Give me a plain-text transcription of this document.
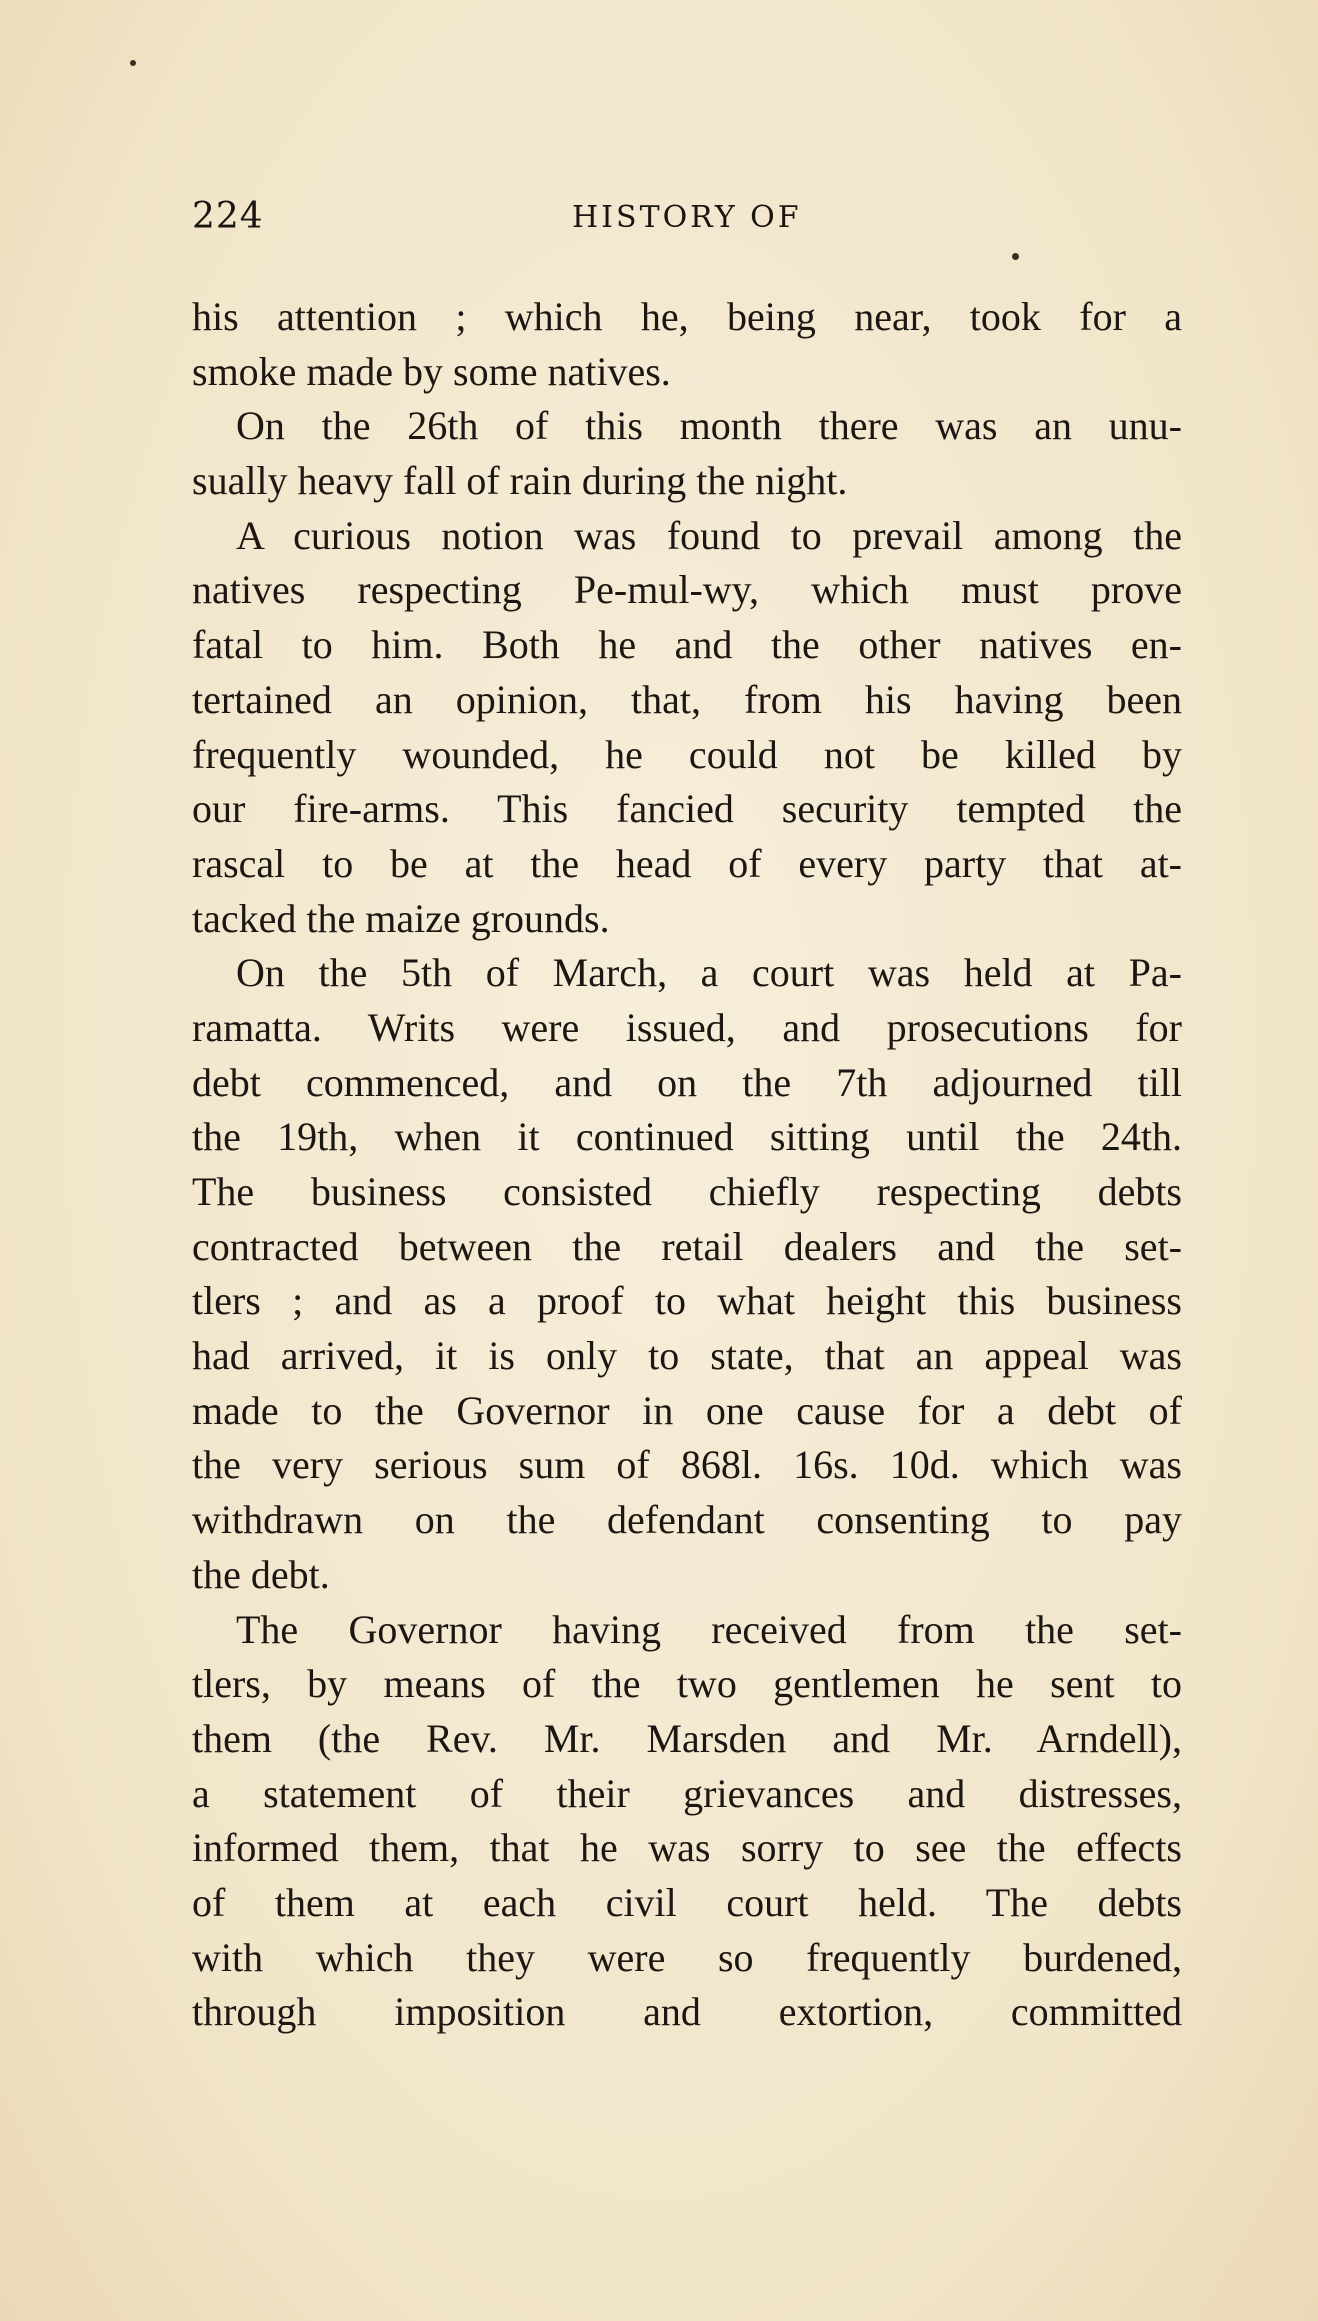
224	HISTORY OF
his attention ; which he, being near, took for a
smoke made by some natives.
On the 26th of this month there was an unu-
sually heavy fall of rain during the night.
A curious notion was found to prevail among the
natives respecting Pe-mul-wy, which must prove
fatal to him. Both he and the other natives en-
tertained an opinion, that, from his having been
frequently wounded, he could not be killed by
our fire-arms. This fancied security tempted the
rascal to be at the head of every party that at-
tacked the maize grounds.
On the 5th of March, a court was held at Pa-
ramatta. Writs were issued, and prosecutions for
debt commenced, and on the 7th adjourned till
the 19th, when it continued sitting until the 24th.
The business consisted chiefly respecting debts
contracted between the retail dealers and the set-
tlers ; and as a proof to what height this business
had arrived, it is only to state, that an appeal was
made to the Governor in one cause for a debt of
the very serious sum of 868l. 16s. 10d. which was
withdrawn on the defendant consenting to pay
the debt.
The Governor having received from the set-
tlers, by means of the two gentlemen he sent to
them (the Rev. Mr. Marsden and Mr. Arndell),
a statement of their grievances and distresses,
informed them, that he was sorry to see the effects
of them at each civil court held. The debts
with which they were so frequently burdened,
through imposition and extortion, committed
